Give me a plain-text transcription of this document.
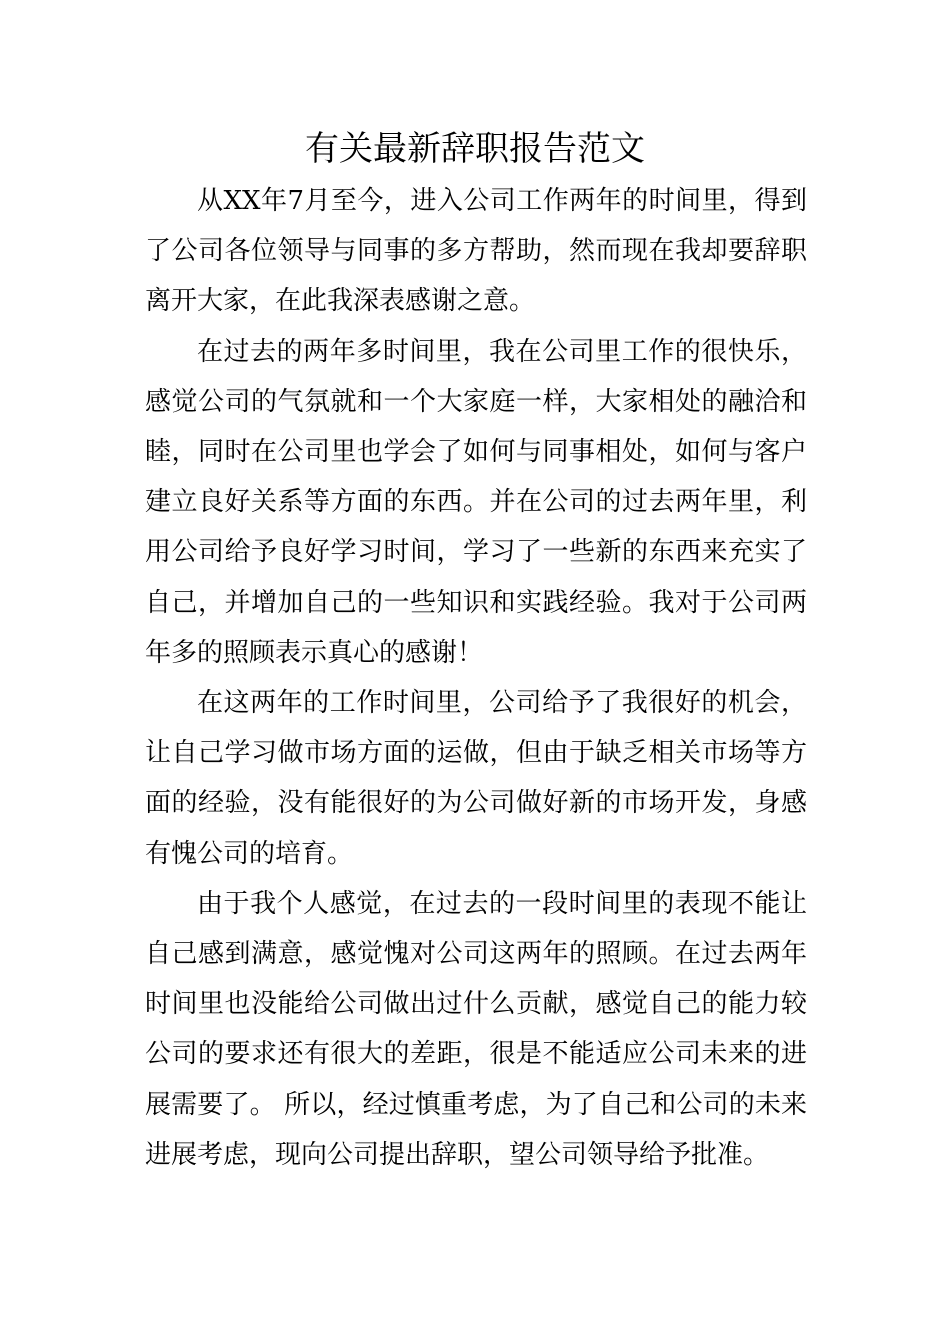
有关最新辞职报告范文

从XX年7月至今，进入公司工作两年的时间里，得到了公司各位领导与同事的多方帮助，然而现在我却要辞职离开大家，在此我深表感谢之意。

在过去的两年多时间里，我在公司里工作的很快乐，感觉公司的气氛就和一个大家庭一样，大家相处的融洽和睦，同时在公司里也学会了如何与同事相处，如何与客户建立良好关系等方面的东西。并在公司的过去两年里，利用公司给予良好学习时间，学习了一些新的东西来充实了自己，并增加自己的一些知识和实践经验。我对于公司两年多的照顾表示真心的感谢！

在这两年的工作时间里，公司给予了我很好的机会，让自己学习做市场方面的运做，但由于缺乏相关市场等方面的经验，没有能很好的为公司做好新的市场开发，身感有愧公司的培育。

由于我个人感觉，在过去的一段时间里的表现不能让自己感到满意，感觉愧对公司这两年的照顾。在过去两年时间里也没能给公司做出过什么贡献，感觉自己的能力较公司的要求还有很大的差距，很是不能适应公司未来的进展需要了。 所以，经过慎重考虑，为了自己和公司的未来进展考虑，现向公司提出辞职，望公司领导给予批准。
